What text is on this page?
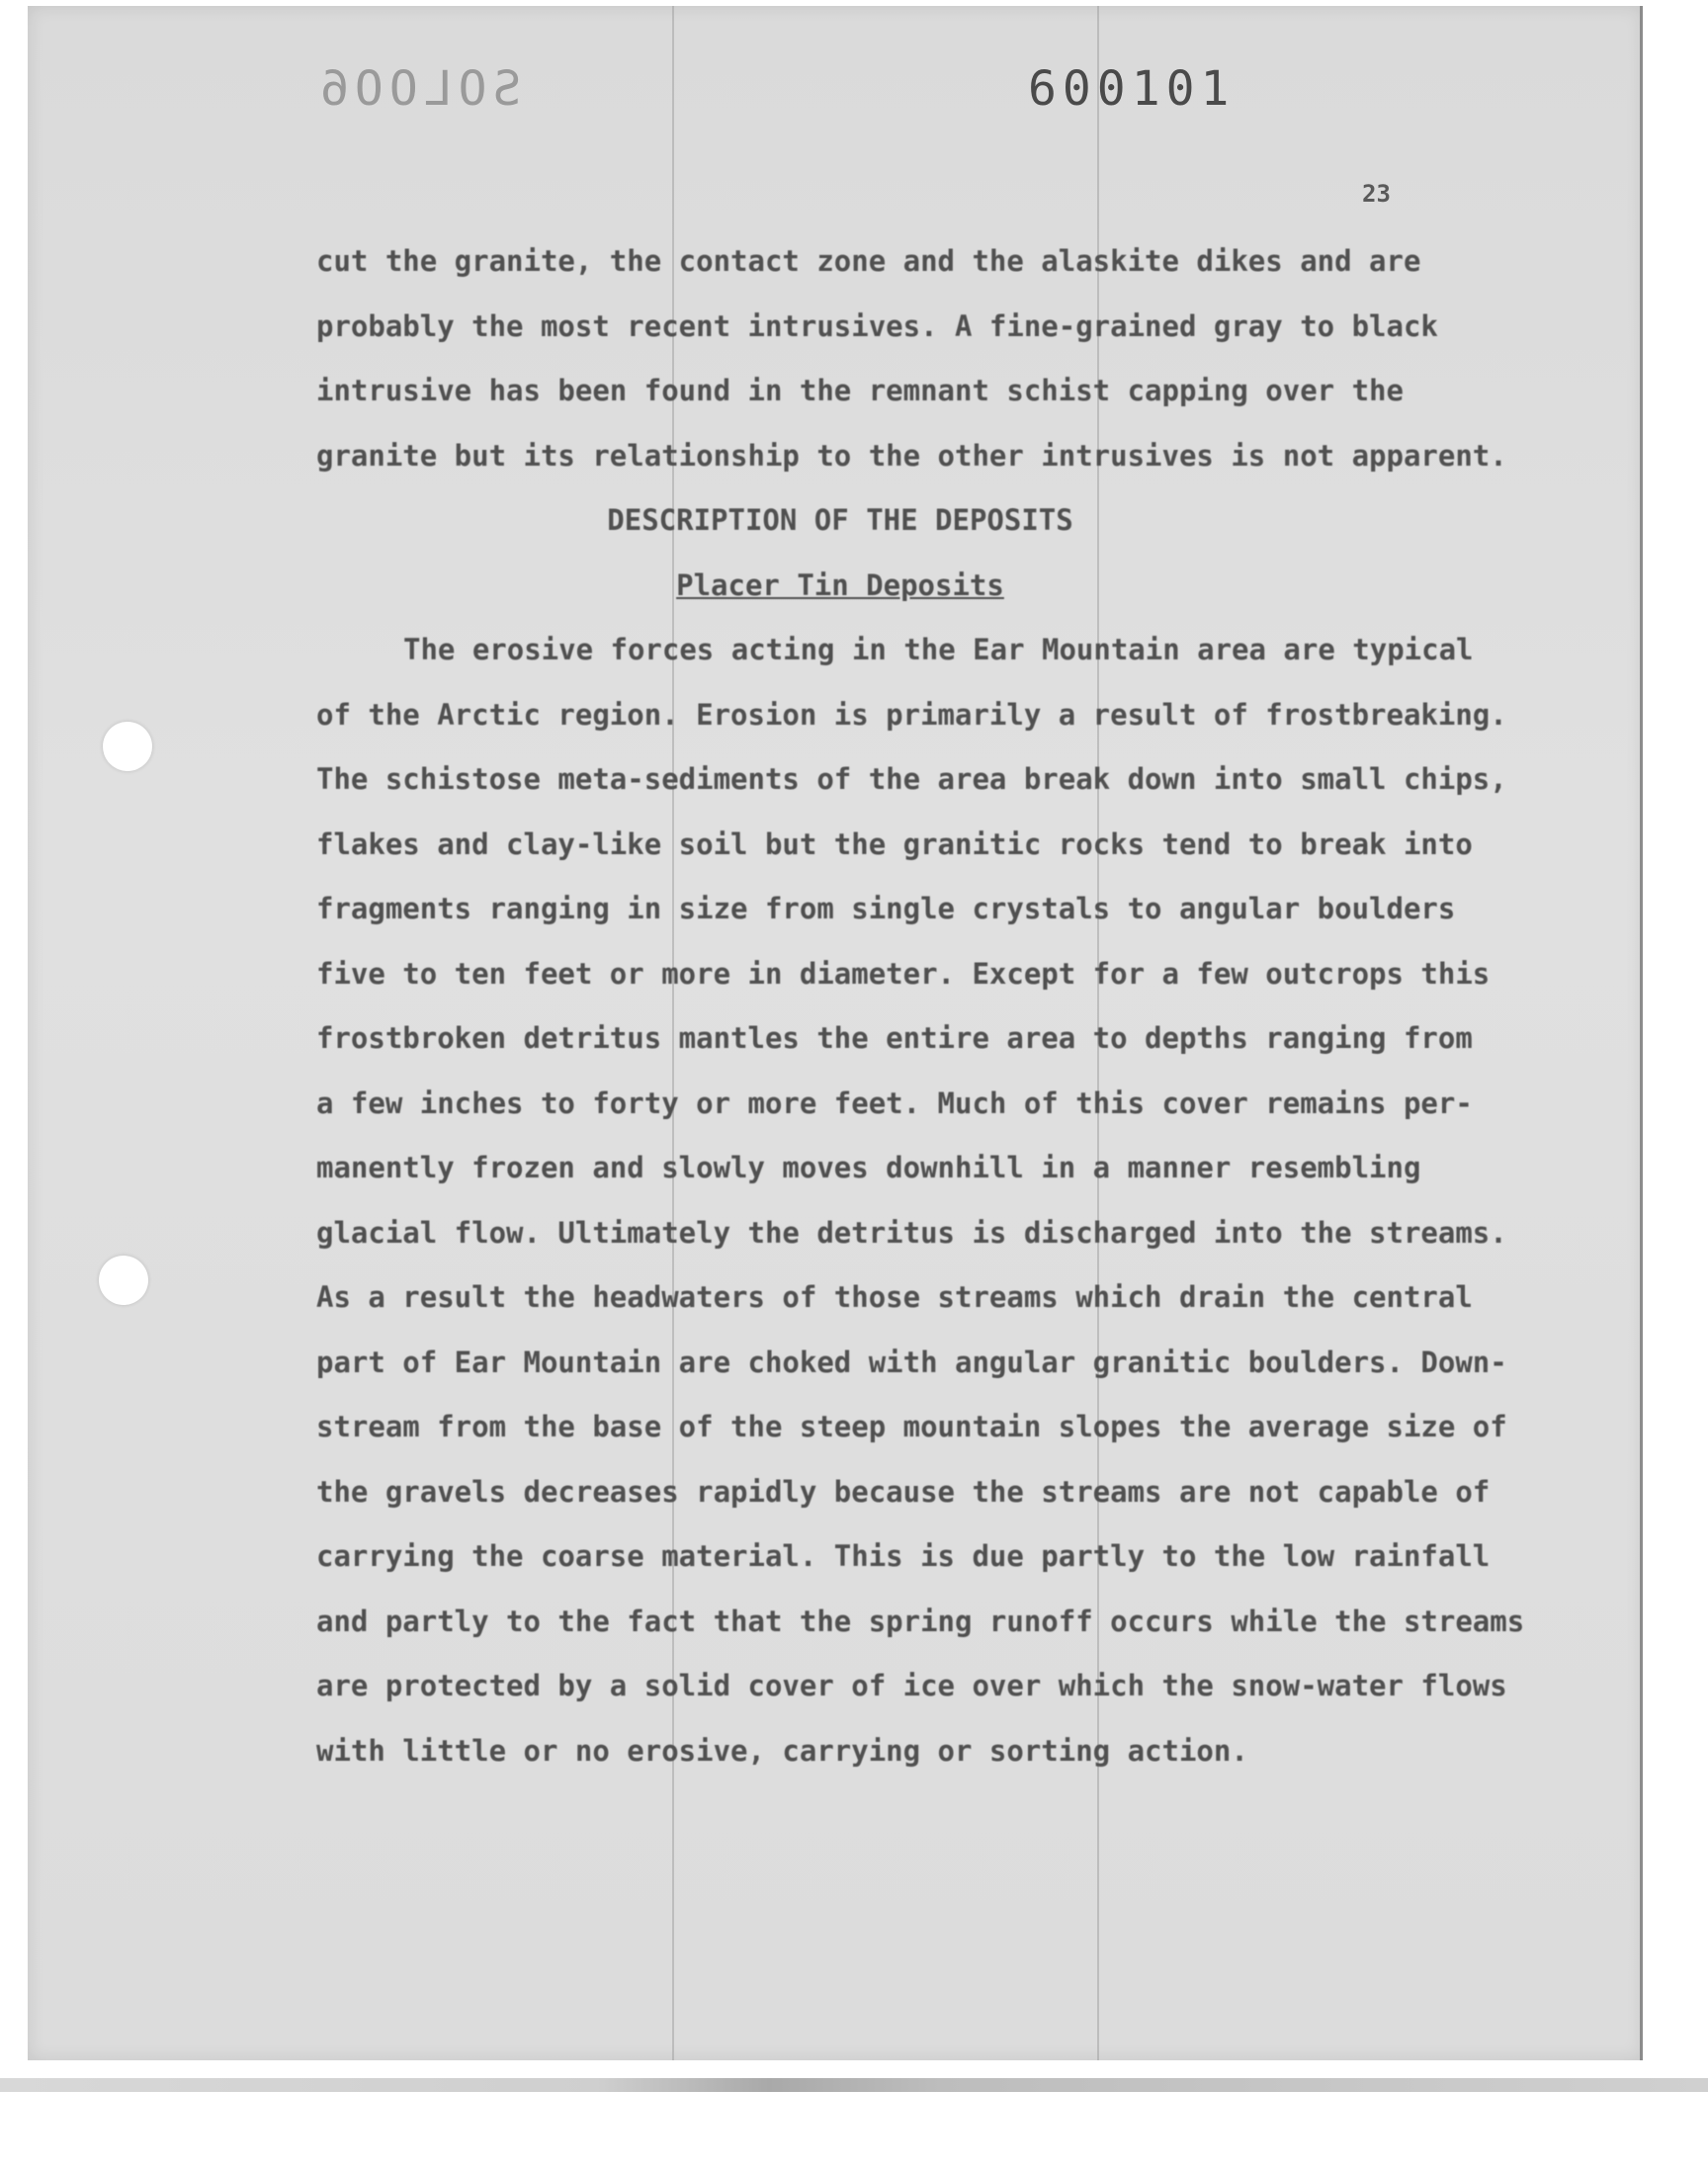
SOLOO6	600101
23
cut the granite, the contact zone and the alaskite dikes and are
probably the most recent intrusives. A fine-grained gray to black
intrusive has been found in the remnant schist capping over the
granite but its relationship to the other intrusives is not apparent.
DESCRIPTION OF THE DEPOSITS
Placer Tin Deposits
The erosive forces acting in the Ear Mountain area are typical
of the Arctic region. Erosion is primarily a result of frostbreaking.
The schistose meta-sediments of the area break down into small chips,
flakes and clay-like soil but the granitic rocks tend to break into
fragments ranging in size from single crystals to angular boulders
five to ten feet or more in diameter. Except for a few outcrops this
frostbroken detritus mantles the entire area to depths ranging from
a few inches to forty or more feet. Much of this cover remains per-
manently frozen and slowly moves downhill in a manner resembling
glacial flow. Ultimately the detritus is discharged into the streams.
As a result the headwaters of those streams which drain the central
part of Ear Mountain are choked with angular granitic boulders. Down-
stream from the base of the steep mountain slopes the average size of
the gravels decreases rapidly because the streams are not capable of
carrying the coarse material. This is due partly to the low rainfall
and partly to the fact that the spring runoff occurs while the streams
are protected by a solid cover of ice over which the snow-water flows
with little or no erosive, carrying or sorting action.
